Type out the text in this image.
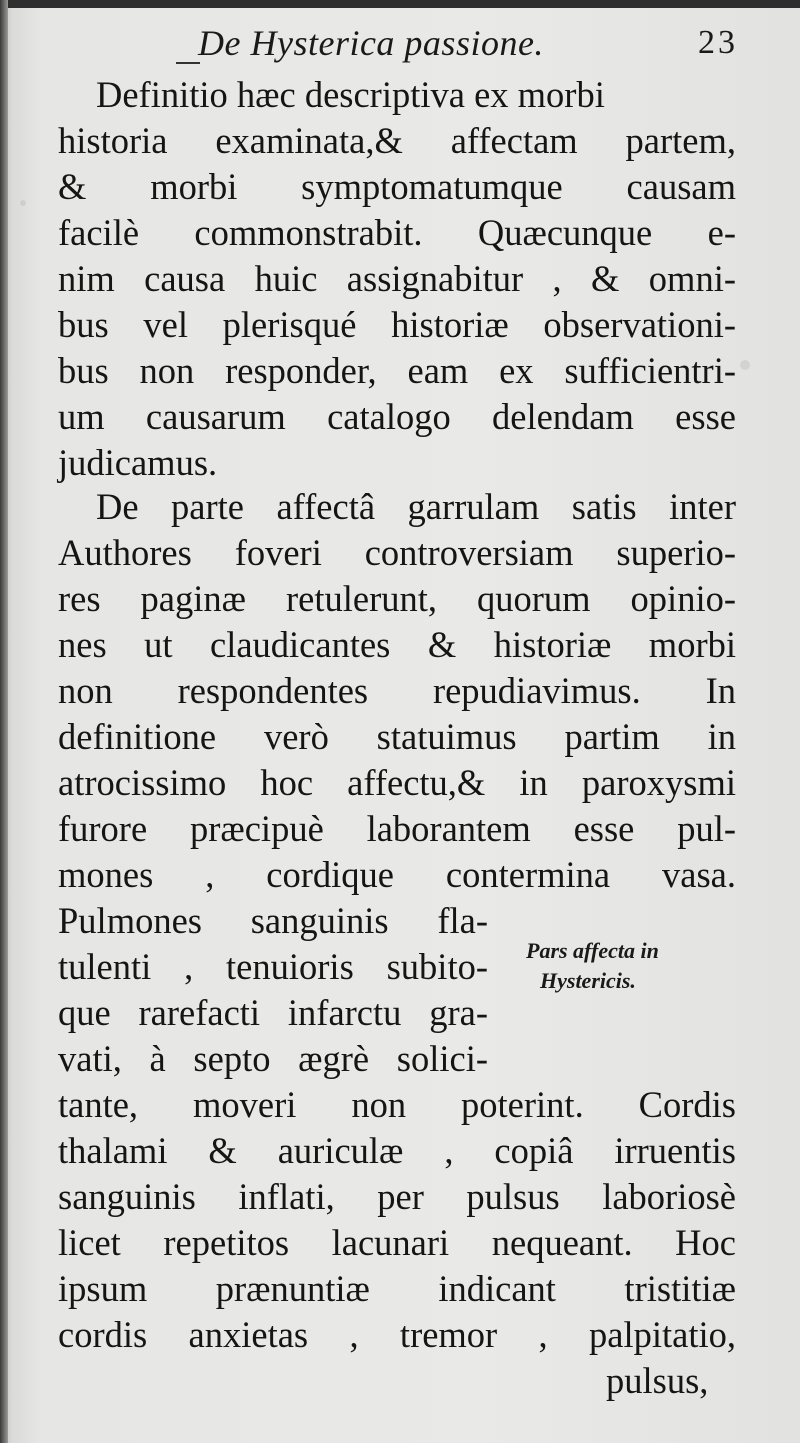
De Hysterica passione.	23
Definitio hæc descriptiva ex morbi
historia examinata,& affectam partem,
& morbi symptomatumque causam
facilè commonstrabit. Quæcunque e-
nim causa huic assignabitur , & omni-
bus vel plerisqué historiæ observationi-
bus non responder, eam ex sufficientri-
um causarum catalogo delendam esse
judicamus.
De parte affectâ garrulam satis inter
Authores foveri controversiam superio-
res paginæ retulerunt, quorum opinio-
nes ut claudicantes & historiæ morbi
non respondentes repudiavimus. In
definitione verò statuimus partim in
atrocissimo hoc affectu,& in paroxysmi
furore præcipuè laborantem esse pul-
mones , cordique contermina vasa.
Pulmones sanguinis fla-
tulenti , tenuioris subito-
que rarefacti infarctu gra-
vati, à septo ægrè solici-
Pars affecta in
Hystericis.
tante, moveri non poterint. Cordis
thalami & auriculæ , copiâ irruentis
sanguinis inflati, per pulsus laboriosè
licet repetitos lacunari nequeant. Hoc
ipsum prænuntiæ indicant tristitiæ
cordis anxietas , tremor , palpitatio,
pulsus,
